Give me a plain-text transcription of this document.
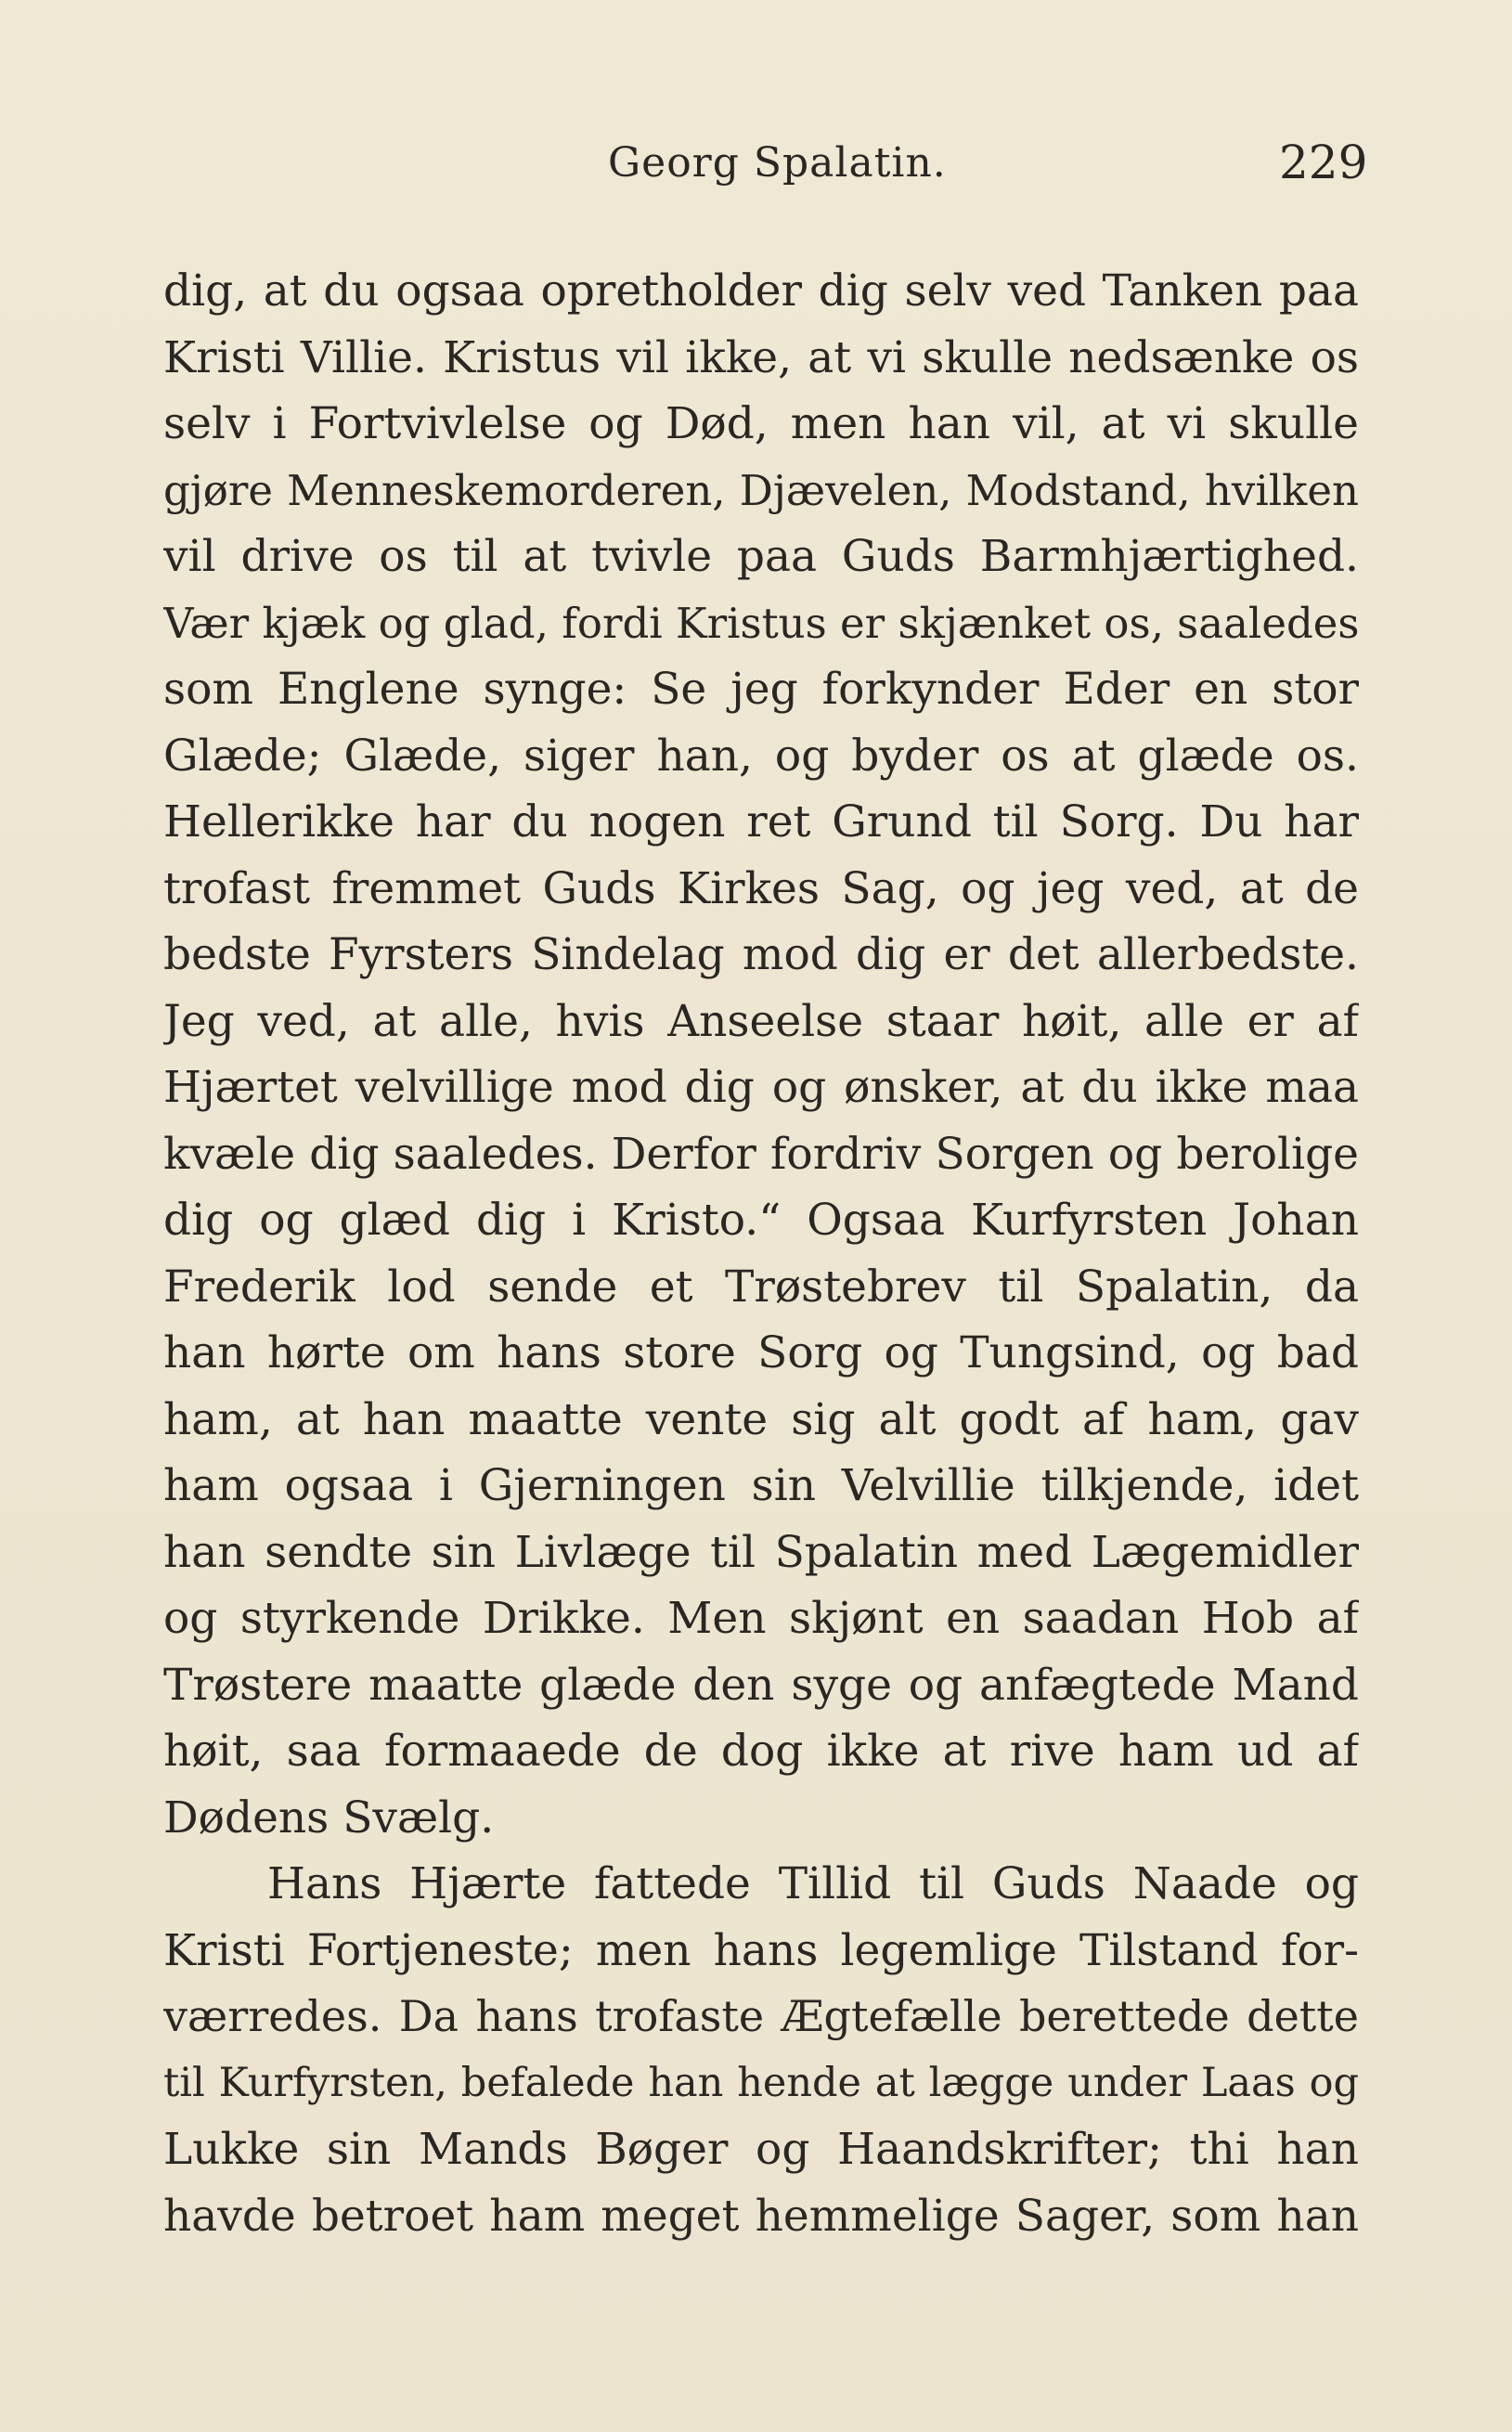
Georg Spalatin.	229
dig, at du ogsaa opretholder dig selv ved Tanken paa
Kristi Villie. Kristus vil ikke, at vi skulle nedsænke os
selv i Fortvivlelse og Død, men han vil, at vi skulle
gjøre Menneskemorderen, Djævelen, Modstand, hvilken
vil drive os til at tvivle paa Guds Barmhjærtighed.
Vær kjæk og glad, fordi Kristus er skjænket os, saaledes
som Englene synge: Se jeg forkynder Eder en stor
Glæde; Glæde, siger han, og byder os at glæde os.
Hellerikke har du nogen ret Grund til Sorg. Du har
trofast fremmet Guds Kirkes Sag, og jeg ved, at de
bedste Fyrsters Sindelag mod dig er det allerbedste.
Jeg ved, at alle, hvis Anseelse staar høit, alle er af
Hjærtet velvillige mod dig og ønsker, at du ikke maa
kvæle dig saaledes. Derfor fordriv Sorgen og berolige
dig og glæd dig i Kristo.“ Ogsaa Kurfyrsten Johan
Frederik lod sende et Trøstebrev til Spalatin, da
han hørte om hans store Sorg og Tungsind, og bad
ham, at han maatte vente sig alt godt af ham, gav
ham ogsaa i Gjerningen sin Velvillie tilkjende, idet
han sendte sin Livlæge til Spalatin med Lægemidler
og styrkende Drikke. Men skjønt en saadan Hob af
Trøstere maatte glæde den syge og anfægtede Mand
høit, saa formaaede de dog ikke at rive ham ud af
Dødens Svælg.
Hans Hjærte fattede Tillid til Guds Naade og
Kristi Fortjeneste; men hans legemlige Tilstand for-
værredes. Da hans trofaste Ægtefælle berettede dette
til Kurfyrsten, befalede han hende at lægge under Laas og
Lukke sin Mands Bøger og Haandskrifter; thi han
havde betroet ham meget hemmelige Sager, som han
